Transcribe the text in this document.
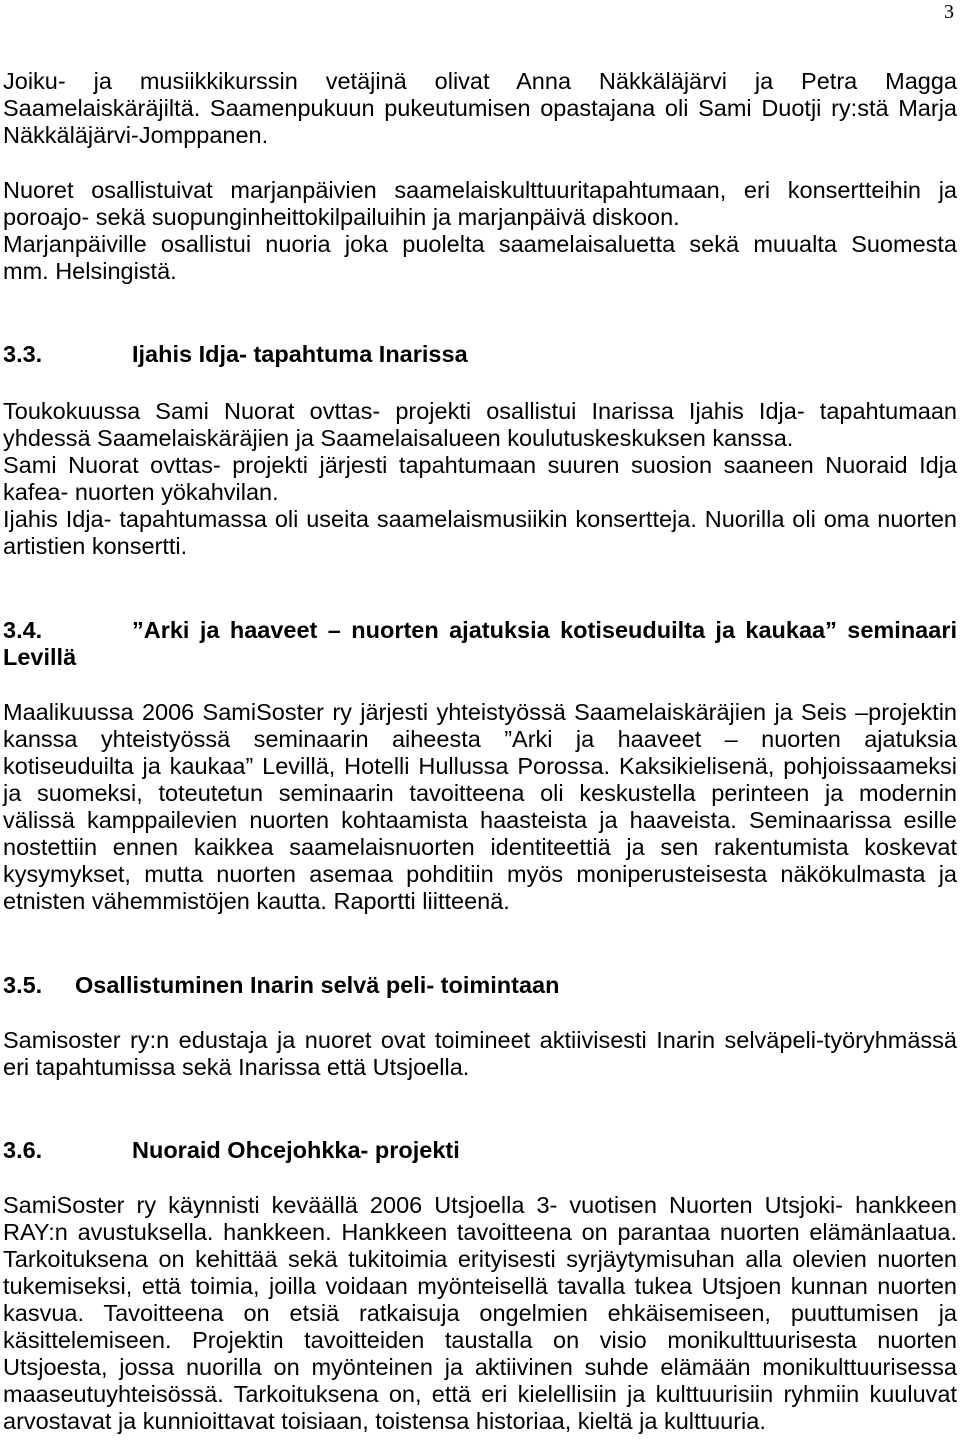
3
Joiku- ja musiikkikurssin vetäjinä olivat Anna Näkkäläjärvi ja Petra Magga
Saamelaiskäräjiltä. Saamenpukuun pukeutumisen opastajana oli Sami Duotji ry:stä Marja
Näkkäläjärvi-Jomppanen.
Nuoret osallistuivat marjanpäivien saamelaiskulttuuritapahtumaan, eri konsertteihin ja
poroajo- sekä suopunginheittokilpailuihin ja marjanpäivä diskoon.
Marjanpäiville osallistui nuoria joka puolelta saamelaisaluetta sekä muualta Suomesta
mm. Helsingistä.
3.3.	Ijahis Idja- tapahtuma Inarissa
Toukokuussa Sami Nuorat ovttas- projekti osallistui Inarissa Ijahis Idja- tapahtumaan
yhdessä Saamelaiskäräjien ja Saamelaisalueen koulutuskeskuksen kanssa.
Sami Nuorat ovttas- projekti järjesti tapahtumaan suuren suosion saaneen Nuoraid Idja
kafea- nuorten yökahvilan.
Ijahis Idja- tapahtumassa oli useita saamelaismusiikin konsertteja. Nuorilla oli oma nuorten
artistien konsertti.
3.4.	”Arki ja haaveet – nuorten ajatuksia kotiseuduilta ja kaukaa” seminaari
Levillä
Maalikuussa 2006 SamiSoster ry järjesti yhteistyössä Saamelaiskäräjien ja Seis –projektin
kanssa yhteistyössä seminaarin aiheesta ”Arki ja haaveet – nuorten ajatuksia
kotiseuduilta ja kaukaa” Levillä, Hotelli Hullussa Porossa. Kaksikielisenä, pohjoissaameksi
ja suomeksi, toteutetun seminaarin tavoitteena oli keskustella perinteen ja modernin
välissä kamppailevien nuorten kohtaamista haasteista ja haaveista. Seminaarissa esille
nostettiin ennen kaikkea saamelaisnuorten identiteettiä ja sen rakentumista koskevat
kysymykset, mutta nuorten asemaa pohditiin myös moniperusteisesta näkökulmasta ja
etnisten vähemmistöjen kautta. Raportti liitteenä.
3.5.	Osallistuminen Inarin selvä peli- toimintaan
Samisoster ry:n edustaja ja nuoret ovat toimineet aktiivisesti Inarin selväpeli-työryhmässä
eri tapahtumissa sekä Inarissa että Utsjoella.
3.6.	Nuoraid Ohcejohkka- projekti
SamiSoster ry käynnisti keväällä 2006 Utsjoella 3- vuotisen Nuorten Utsjoki- hankkeen
RAY:n avustuksella. hankkeen. Hankkeen tavoitteena on parantaa nuorten elämänlaatua.
Tarkoituksena on kehittää sekä tukitoimia erityisesti syrjäytymisuhan alla olevien nuorten
tukemiseksi, että toimia, joilla voidaan myönteisellä tavalla tukea Utsjoen kunnan nuorten
kasvua. Tavoitteena on etsiä ratkaisuja ongelmien ehkäisemiseen, puuttumisen ja
käsittelemiseen. Projektin tavoitteiden taustalla on visio monikulttuurisesta nuorten
Utsjoesta, jossa nuorilla on myönteinen ja aktiivinen suhde elämään monikulttuurisessa
maaseutuyhteisössä. Tarkoituksena on, että eri kielellisiin ja kulttuurisiin ryhmiin kuuluvat
arvostavat ja kunnioittavat toisiaan, toistensa historiaa, kieltä ja kulttuuria.
